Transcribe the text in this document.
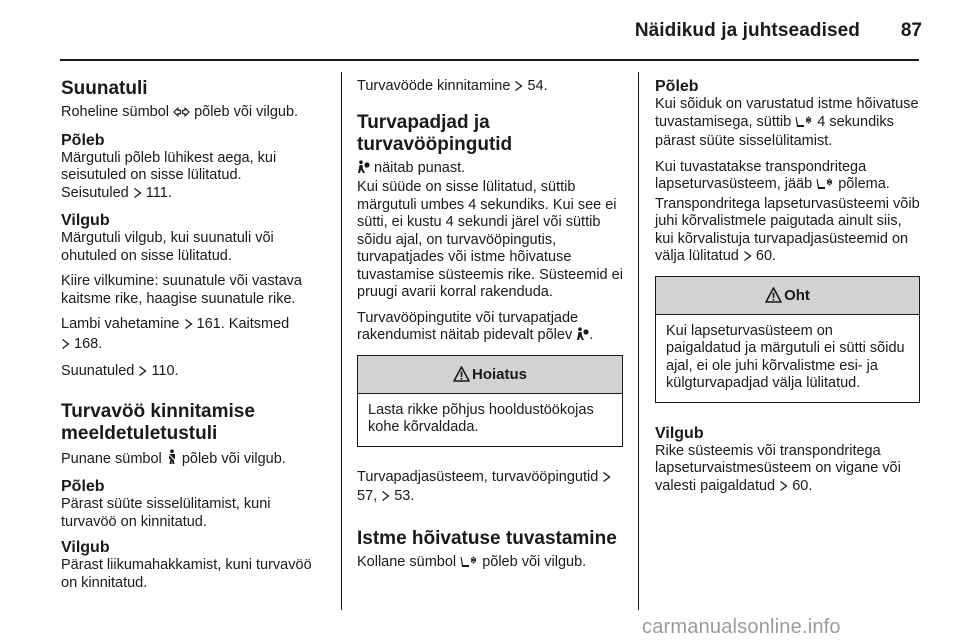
Näidikud ja juhtseadised	87
Suunatuli

Roheline sümbol  põleb või vilgub.

Põleb

Märgutuli põleb lühikest aega, kui seisutuled on sisse lülitatud.

Seisutuled  111.

Vilgub

Märgutuli vilgub, kui suunatuli või ohutuled on sisse lülitatud.

Kiire vilkumine: suunatule või vastava kaitsme rike, haagise suunatule rike.

Lambi vahetamine  161. Kaitsmed
168.

Suunatuled  110.

Turvavöö kinnitamise meeldetuletustuli

Punane sümbol  põleb või vilgub.

Põleb

Pärast süüte sisselülitamist, kuni turvavöö on kinnitatud.

Vilgub

Pärast liikumahakkamist, kuni turvavöö on kinnitatud.

Turvavööde kinnitamine  54.

Turvapadjad ja turvavööpingutid

näitab punast.

Kui süüde on sisse lülitatud, süttib märgutuli umbes 4 sekundiks. Kui see ei sütti, ei kustu 4 sekundi järel või süttib sõidu ajal, on turvavööpingutis, turvapatjades või istme hõivatuse tuvastamise süsteemis rike. Süsteemid ei pruugi avarii korral rakenduda.

Turvavööpingutite või turvapatjade rakendumist näitab pidevalt põlev .

Hoiatus
Lasta rikke põhjus hooldustöökojas kohe kõrvaldada.

Turvapadjasüsteem, turvavööpingutid  57,  53.

Istme hõivatuse tuvastamine

Kollane sümbol  põleb või vilgub.

Põleb

Kui sõiduk on varustatud istme hõivatuse tuvastamisega, süttib  4 sekundiks pärast süüte sisselülitamist.

Kui tuvastatakse transpondritega lapseturvasüsteem, jääb  põlema. Transpondritega lapseturvasüsteemi võib juhi kõrvalistmele paigutada ainult siis, kui kõrvalistuja turvapadjasüsteemid on välja lülitatud  60.

Oht
Kui lapseturvasüsteem on paigaldatud ja märgutuli ei sütti sõidu ajal, ei ole juhi kõrvalistme esi- ja külgturvapadjad välja lülitatud.
Vilgub

Rike süsteemis või transpondritega lapseturvaistmesüsteem on vigane või valesti paigaldatud  60.

carmanualsonline.info
